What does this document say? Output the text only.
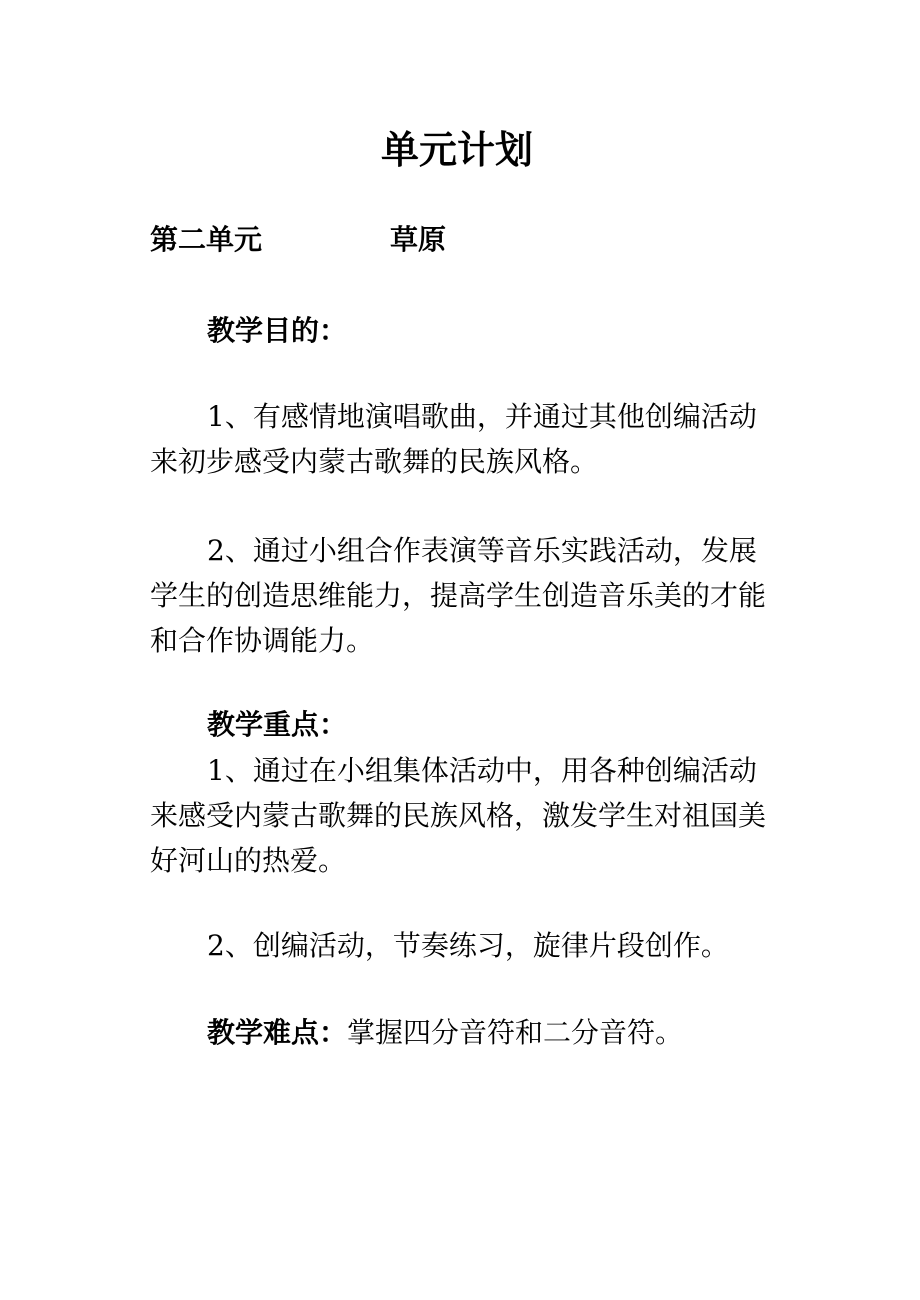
单元计划
第二单元	草原
教学目的：

1、有感情地演唱歌曲，并通过其他创编活动
来初步感受内蒙古歌舞的民族风格。

2、通过小组合作表演等音乐实践活动，发展
学生的创造思维能力，提高学生创造音乐美的才能
和合作协调能力。

教学重点：

1、通过在小组集体活动中，用各种创编活动
来感受内蒙古歌舞的民族风格，激发学生对祖国美
好河山的热爱。

2、创编活动，节奏练习，旋律片段创作。

教学难点：掌握四分音符和二分音符。
